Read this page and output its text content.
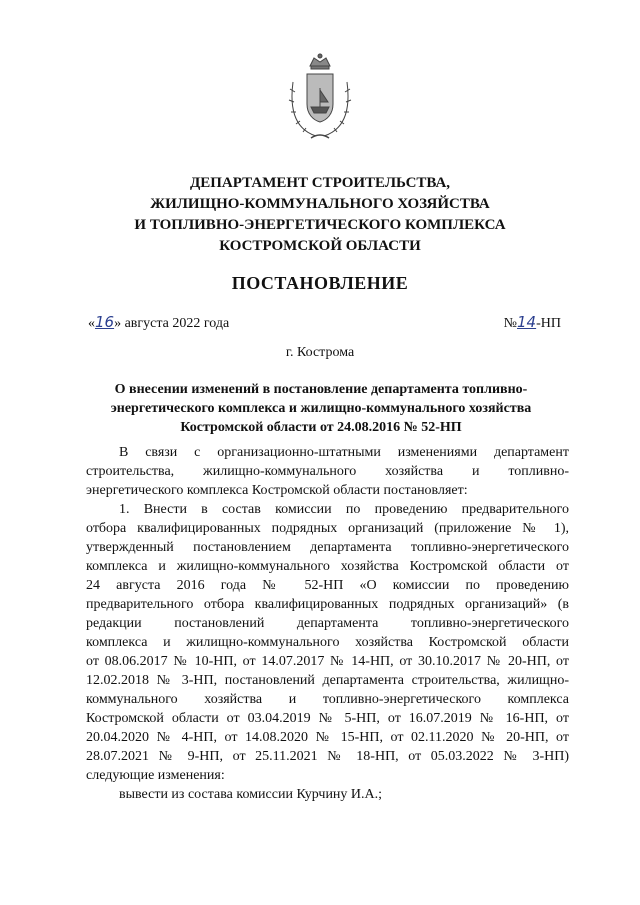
ДЕПАРТАМЕНТ СТРОИТЕЛЬСТВА,
ЖИЛИЩНО-КОММУНАЛЬНОГО ХОЗЯЙСТВА
И ТОПЛИВНО-ЭНЕРГЕТИЧЕСКОГО КОМПЛЕКСА
КОСТРОМСКОЙ ОБЛАСТИ
ПОСТАНОВЛЕНИЕ
«16» августа 2022 года	№14-НП
г. Кострома
О внесении изменений в постановление департамента топливно-
энергетического комплекса и жилищно-коммунального хозяйства
Костромской области от 24.08.2016 № 52-НП
В связи с организационно-штатными изменениями департамент
строительства, жилищно-коммунального хозяйства и топливно-
энергетического комплекса Костромской области постановляет:
1. Внести в состав комиссии по проведению предварительного
отбора квалифицированных подрядных организаций (приложение № 1),
утвержденный постановлением департамента топливно-энергетического
комплекса и жилищно-коммунального хозяйства Костромской области от
24 августа 2016 года № 52-НП «О комиссии по проведению
предварительного отбора квалифицированных подрядных организаций» (в
редакции постановлений департамента топливно-энергетического
комплекса и жилищно-коммунального хозяйства Костромской области
от 08.06.2017 № 10-НП, от 14.07.2017 № 14-НП, от 30.10.2017 № 20-НП, от
12.02.2018 № 3-НП, постановлений департамента строительства, жилищно-
коммунального хозяйства и топливно-энергетического комплекса
Костромской области от 03.04.2019 № 5-НП, от 16.07.2019 № 16-НП, от
20.04.2020 № 4-НП, от 14.08.2020 № 15-НП, от 02.11.2020 № 20-НП, от
28.07.2021 № 9-НП, от 25.11.2021 № 18-НП, от 05.03.2022 № 3-НП)
следующие изменения:
вывести из состава комиссии Курчину И.А.;
